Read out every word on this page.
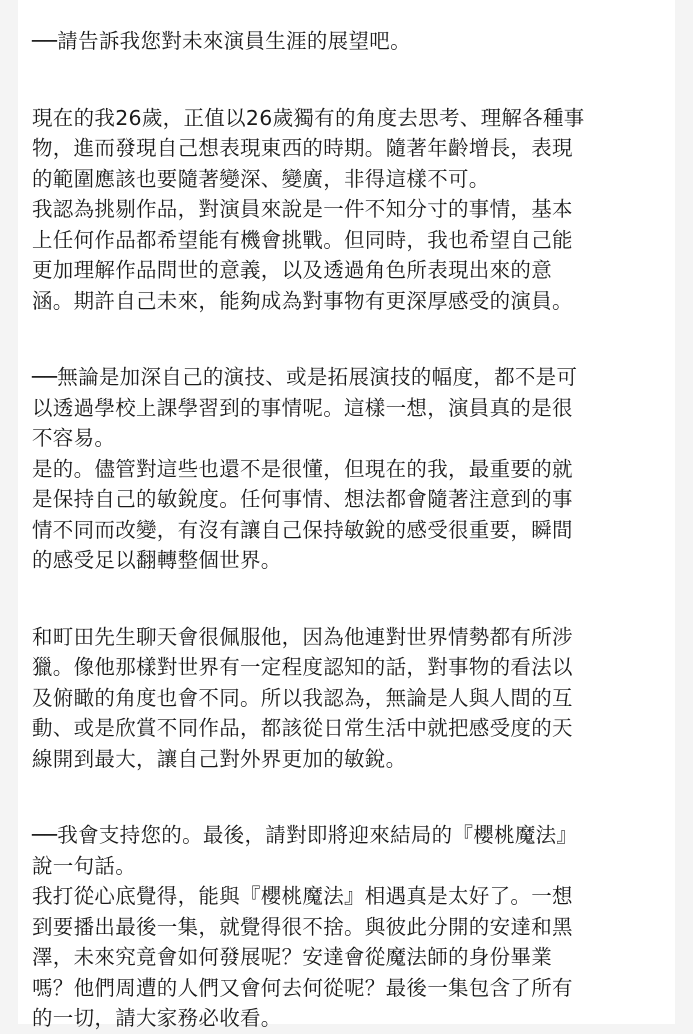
──請告訴我您對未來演員生涯的展望吧。
現在的我26歲，正值以26歲獨有的角度去思考、理解各種事
物，進而發現自己想表現東西的時期。隨著年齡增長，表現
的範圍應該也要隨著變深、變廣，非得這樣不可。
我認為挑剔作品，對演員來說是一件不知分寸的事情，基本
上任何作品都希望能有機會挑戰。但同時，我也希望自己能
更加理解作品問世的意義，以及透過角色所表現出來的意
涵。期許自己未來，能夠成為對事物有更深厚感受的演員。
──無論是加深自己的演技、或是拓展演技的幅度，都不是可
以透過學校上課學習到的事情呢。這樣一想，演員真的是很
不容易。
是的。儘管對這些也還不是很懂，但現在的我，最重要的就
是保持自己的敏銳度。任何事情、想法都會隨著注意到的事
情不同而改變，有沒有讓自己保持敏銳的感受很重要，瞬間
的感受足以翻轉整個世界。
和町田先生聊天會很佩服他，因為他連對世界情勢都有所涉
獵。像他那樣對世界有一定程度認知的話，對事物的看法以
及俯瞰的角度也會不同。所以我認為，無論是人與人間的互
動、或是欣賞不同作品，都該從日常生活中就把感受度的天
線開到最大，讓自己對外界更加的敏銳。
──我會支持您的。最後，請對即將迎來結局的『櫻桃魔法』
說一句話。
我打從心底覺得，能與『櫻桃魔法』相遇真是太好了。一想
到要播出最後一集，就覺得很不捨。與彼此分開的安達和黑
澤，未來究竟會如何發展呢？安達會從魔法師的身份畢業
嗎？他們周遭的人們又會何去何從呢？最後一集包含了所有
的一切，請大家務必收看。
